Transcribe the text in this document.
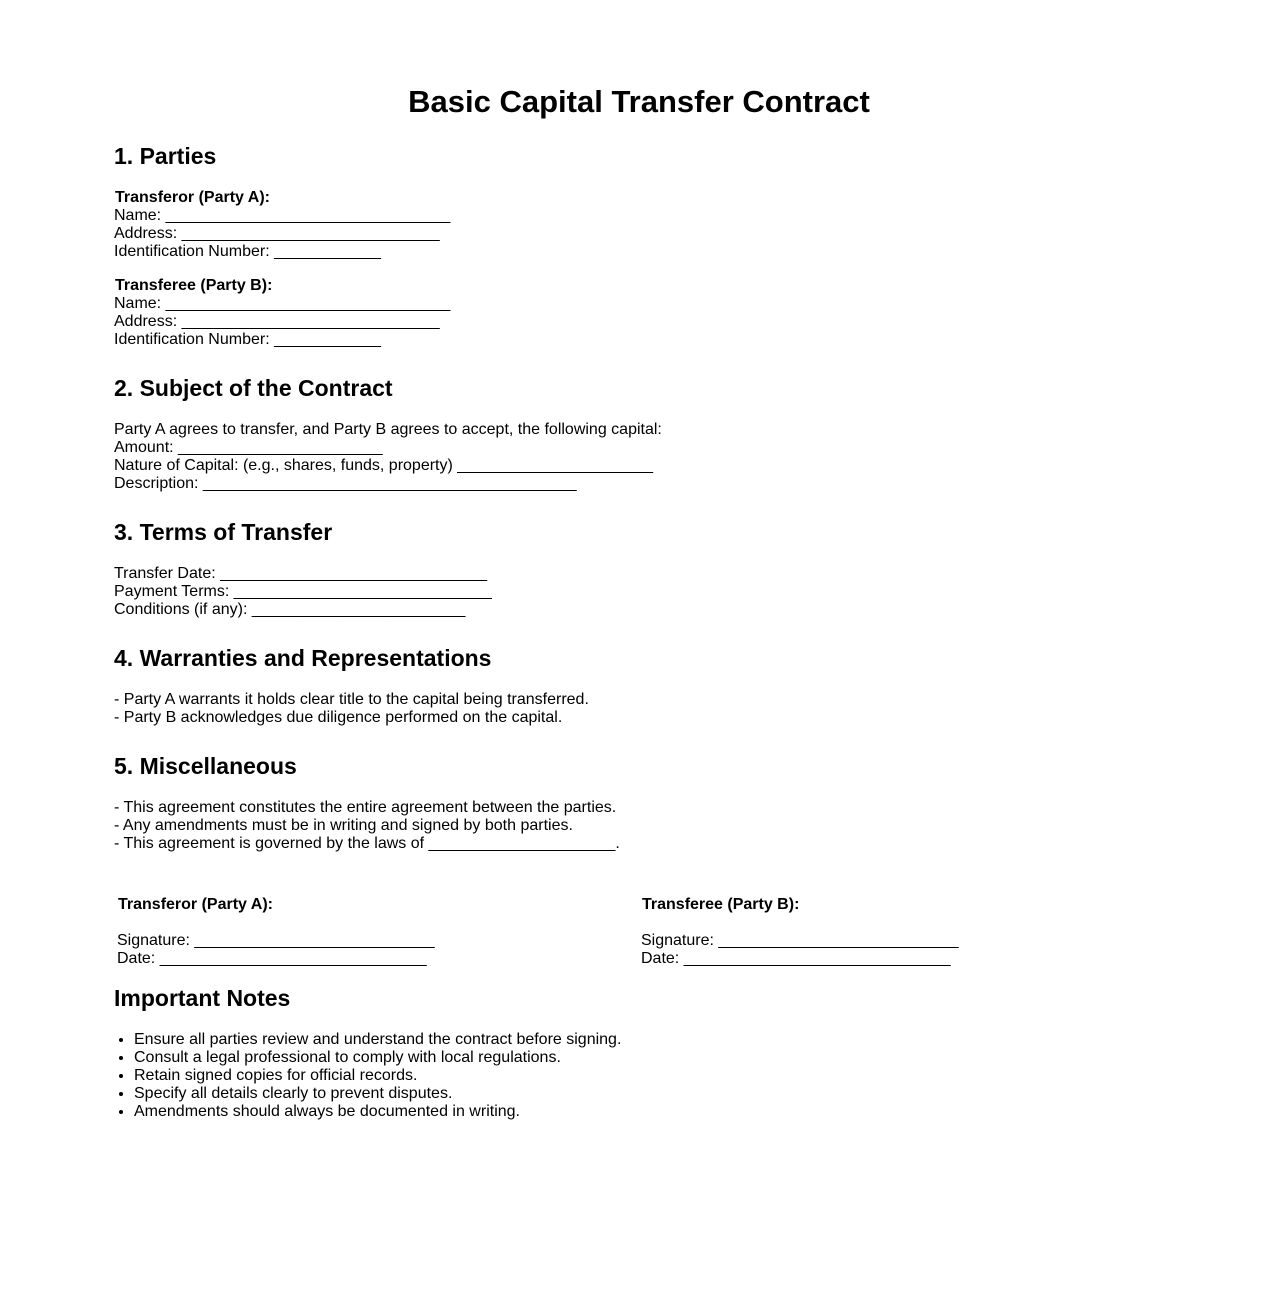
Basic Capital Transfer Contract
1. Parties
Transferor (Party A):
Name: ________________________________
Address: _____________________________
Identification Number: ____________
Transferee (Party B):
Name: ________________________________
Address: _____________________________
Identification Number: ____________
2. Subject of the Contract
Party A agrees to transfer, and Party B agrees to accept, the following capital:
Amount: _______________________
Nature of Capital: (e.g., shares, funds, property) ______________________
Description: __________________________________________
3. Terms of Transfer
Transfer Date: ______________________________
Payment Terms: _____________________________
Conditions (if any): ________________________
4. Warranties and Representations
- Party A warrants it holds clear title to the capital being transferred.
- Party B acknowledges due diligence performed on the capital.
5. Miscellaneous
- This agreement constitutes the entire agreement between the parties.
- Any amendments must be in writing and signed by both parties.
- This agreement is governed by the laws of _____________________.
Transferor (Party A):
Signature: ___________________________
Date: ______________________________
Transferee (Party B):
Signature: ___________________________
Date: ______________________________
Important Notes
• Ensure all parties review and understand the contract before signing.
• Consult a legal professional to comply with local regulations.
• Retain signed copies for official records.
• Specify all details clearly to prevent disputes.
• Amendments should always be documented in writing.
